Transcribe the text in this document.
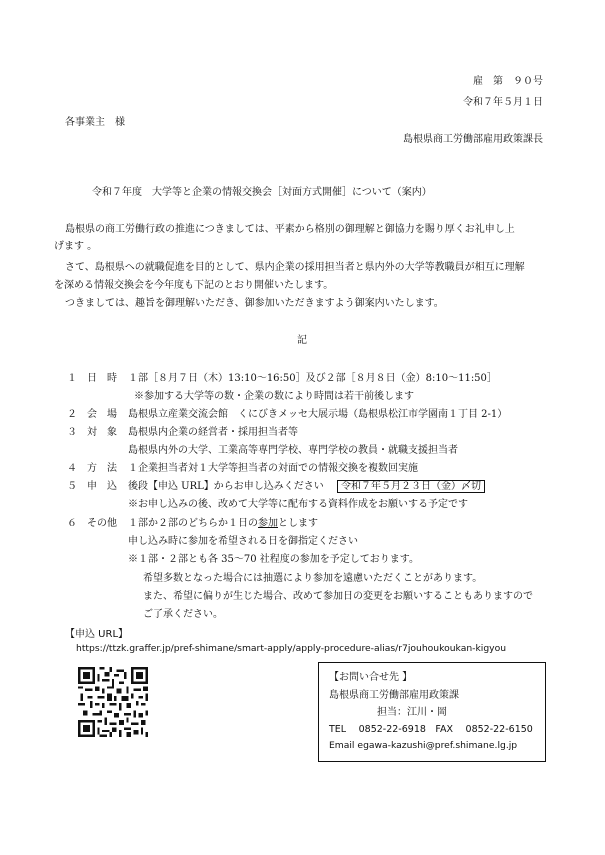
雇　第　９０号
令和７年５月１日
各事業主　様
島根県商工労働部雇用政策課長
令和７年度　大学等と企業の情報交換会［対面方式開催］について（案内）
島根県の商工労働行政の推進につきましては、平素から格別の御理解と御協力を賜り厚くお礼申し上
げます 。
さて、島根県への就職促進を目的として、県内企業の採用担当者と県内外の大学等教職員が相互に理解
を深める情報交換会を今年度も下記のとおり開催いたします。
つきましては、趣旨を御理解いただき、御参加いただきますよう御案内いたします。
記
１	日　時	１部［８月７日（木）13:10～16:50］及び２部［８月８日（金）8:10～11:50］
※参加する大学等の数・企業の数により時間は若干前後します
２	会　場	島根県立産業交流会館　くにびきメッセ大展示場（島根県松江市学園南１丁目 2-1）
３	対　象	島根県内企業の経営者・採用担当者等
島根県内外の大学、工業高等専門学校、専門学校の教員・就職支援担当者
４	方　法	１企業担当者対１大学等担当者の対面での情報交換を複数回実施
５	申　込	後段【申込 URL】からお申し込みください 令和７年５月２３日（金）〆切
※お申し込みの後、改めて大学等に配布する資料作成をお願いする予定です
６	その他	１部か２部のどちらか１日の参加とします
申し込み時に参加を希望される日を御指定ください
※１部・２部とも各 35～70 社程度の参加を予定しております。
希望多数となった場合には抽選により参加を遠慮いただくことがあります。
また、希望に偏りが生じた場合、改めて参加日の変更をお願いすることもありますので
ご了承ください。
【申込 URL】
https://ttzk.graffer.jp/pref-shimane/smart-apply/apply-procedure-alias/r7jouhoukoukan-kigyou
【お問い合せ先 】
島根県商工労働部雇用政策課
担当：江川・岡
TEL　 0852-22-6918　FAX　 0852-22-6150
Email egawa-kazushi@pref.shimane.lg.jp
